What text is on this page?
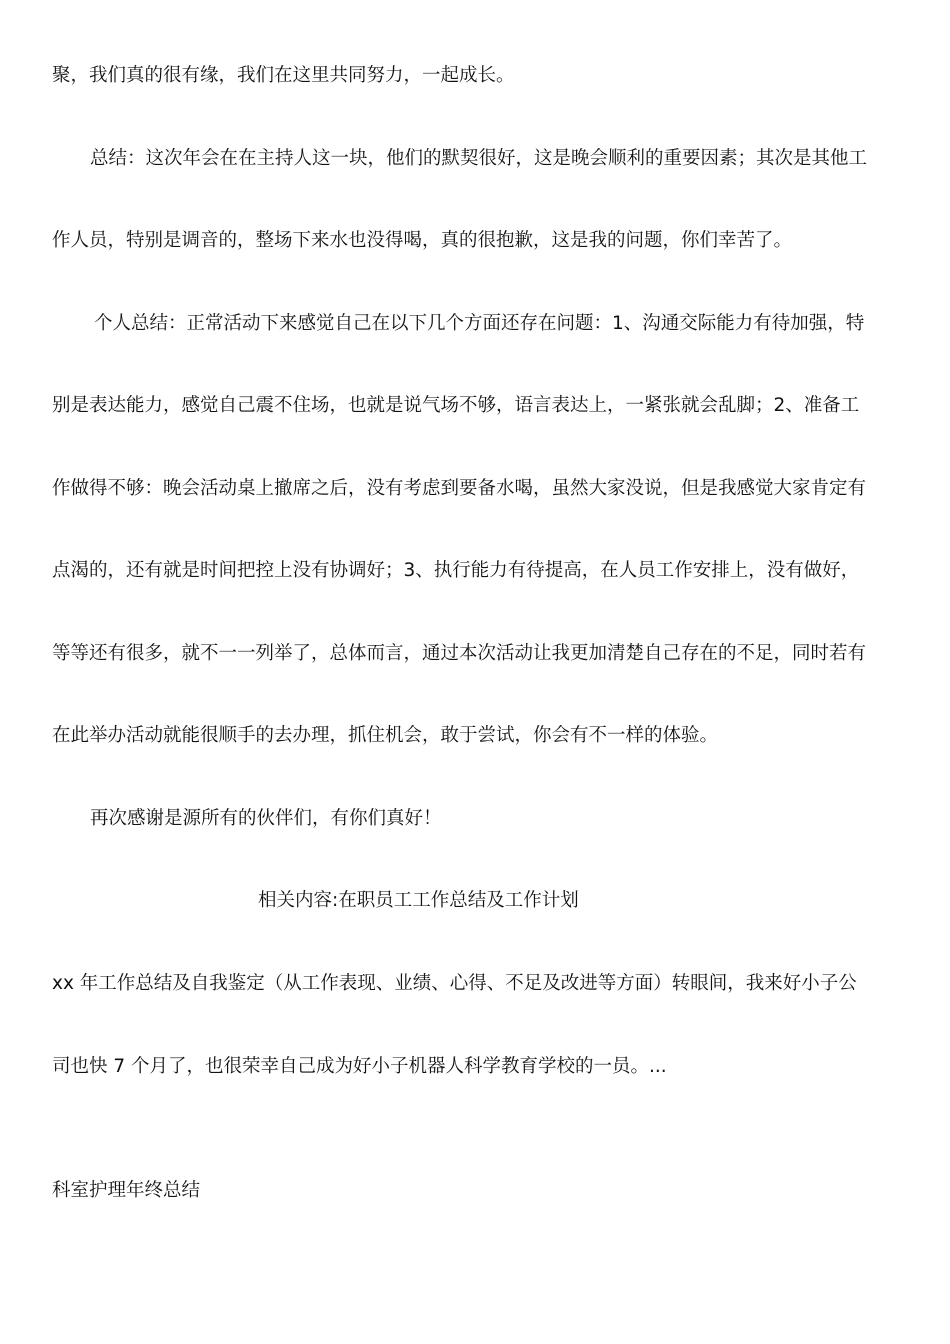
聚，我们真的很有缘，我们在这里共同努力，一起成长。
总结：这次年会在在主持人这一块，他们的默契很好，这是晚会顺利的重要因素；其次是其他工
作人员，特别是调音的，整场下来水也没得喝，真的很抱歉，这是我的问题，你们幸苦了。
个人总结：正常活动下来感觉自己在以下几个方面还存在问题：1、沟通交际能力有待加强，特
别是表达能力，感觉自己震不住场，也就是说气场不够，语言表达上，一紧张就会乱脚；2、准备工
作做得不够：晚会活动桌上撤席之后，没有考虑到要备水喝，虽然大家没说，但是我感觉大家肯定有
点渴的，还有就是时间把控上没有协调好；3、执行能力有待提高，在人员工作安排上，没有做好，
等等还有很多，就不一一列举了，总体而言，通过本次活动让我更加清楚自己存在的不足，同时若有
在此举办活动就能很顺手的去办理，抓住机会，敢于尝试，你会有不一样的体验。
再次感谢是源所有的伙伴们，有你们真好！
相关内容:在职员工工作总结及工作计划
xx 年工作总结及自我鉴定（从工作表现、业绩、心得、不足及改进等方面）转眼间，我来好小子公
司也快 7 个月了，也很荣幸自己成为好小子机器人科学教育学校的一员。...
科室护理年终总结
